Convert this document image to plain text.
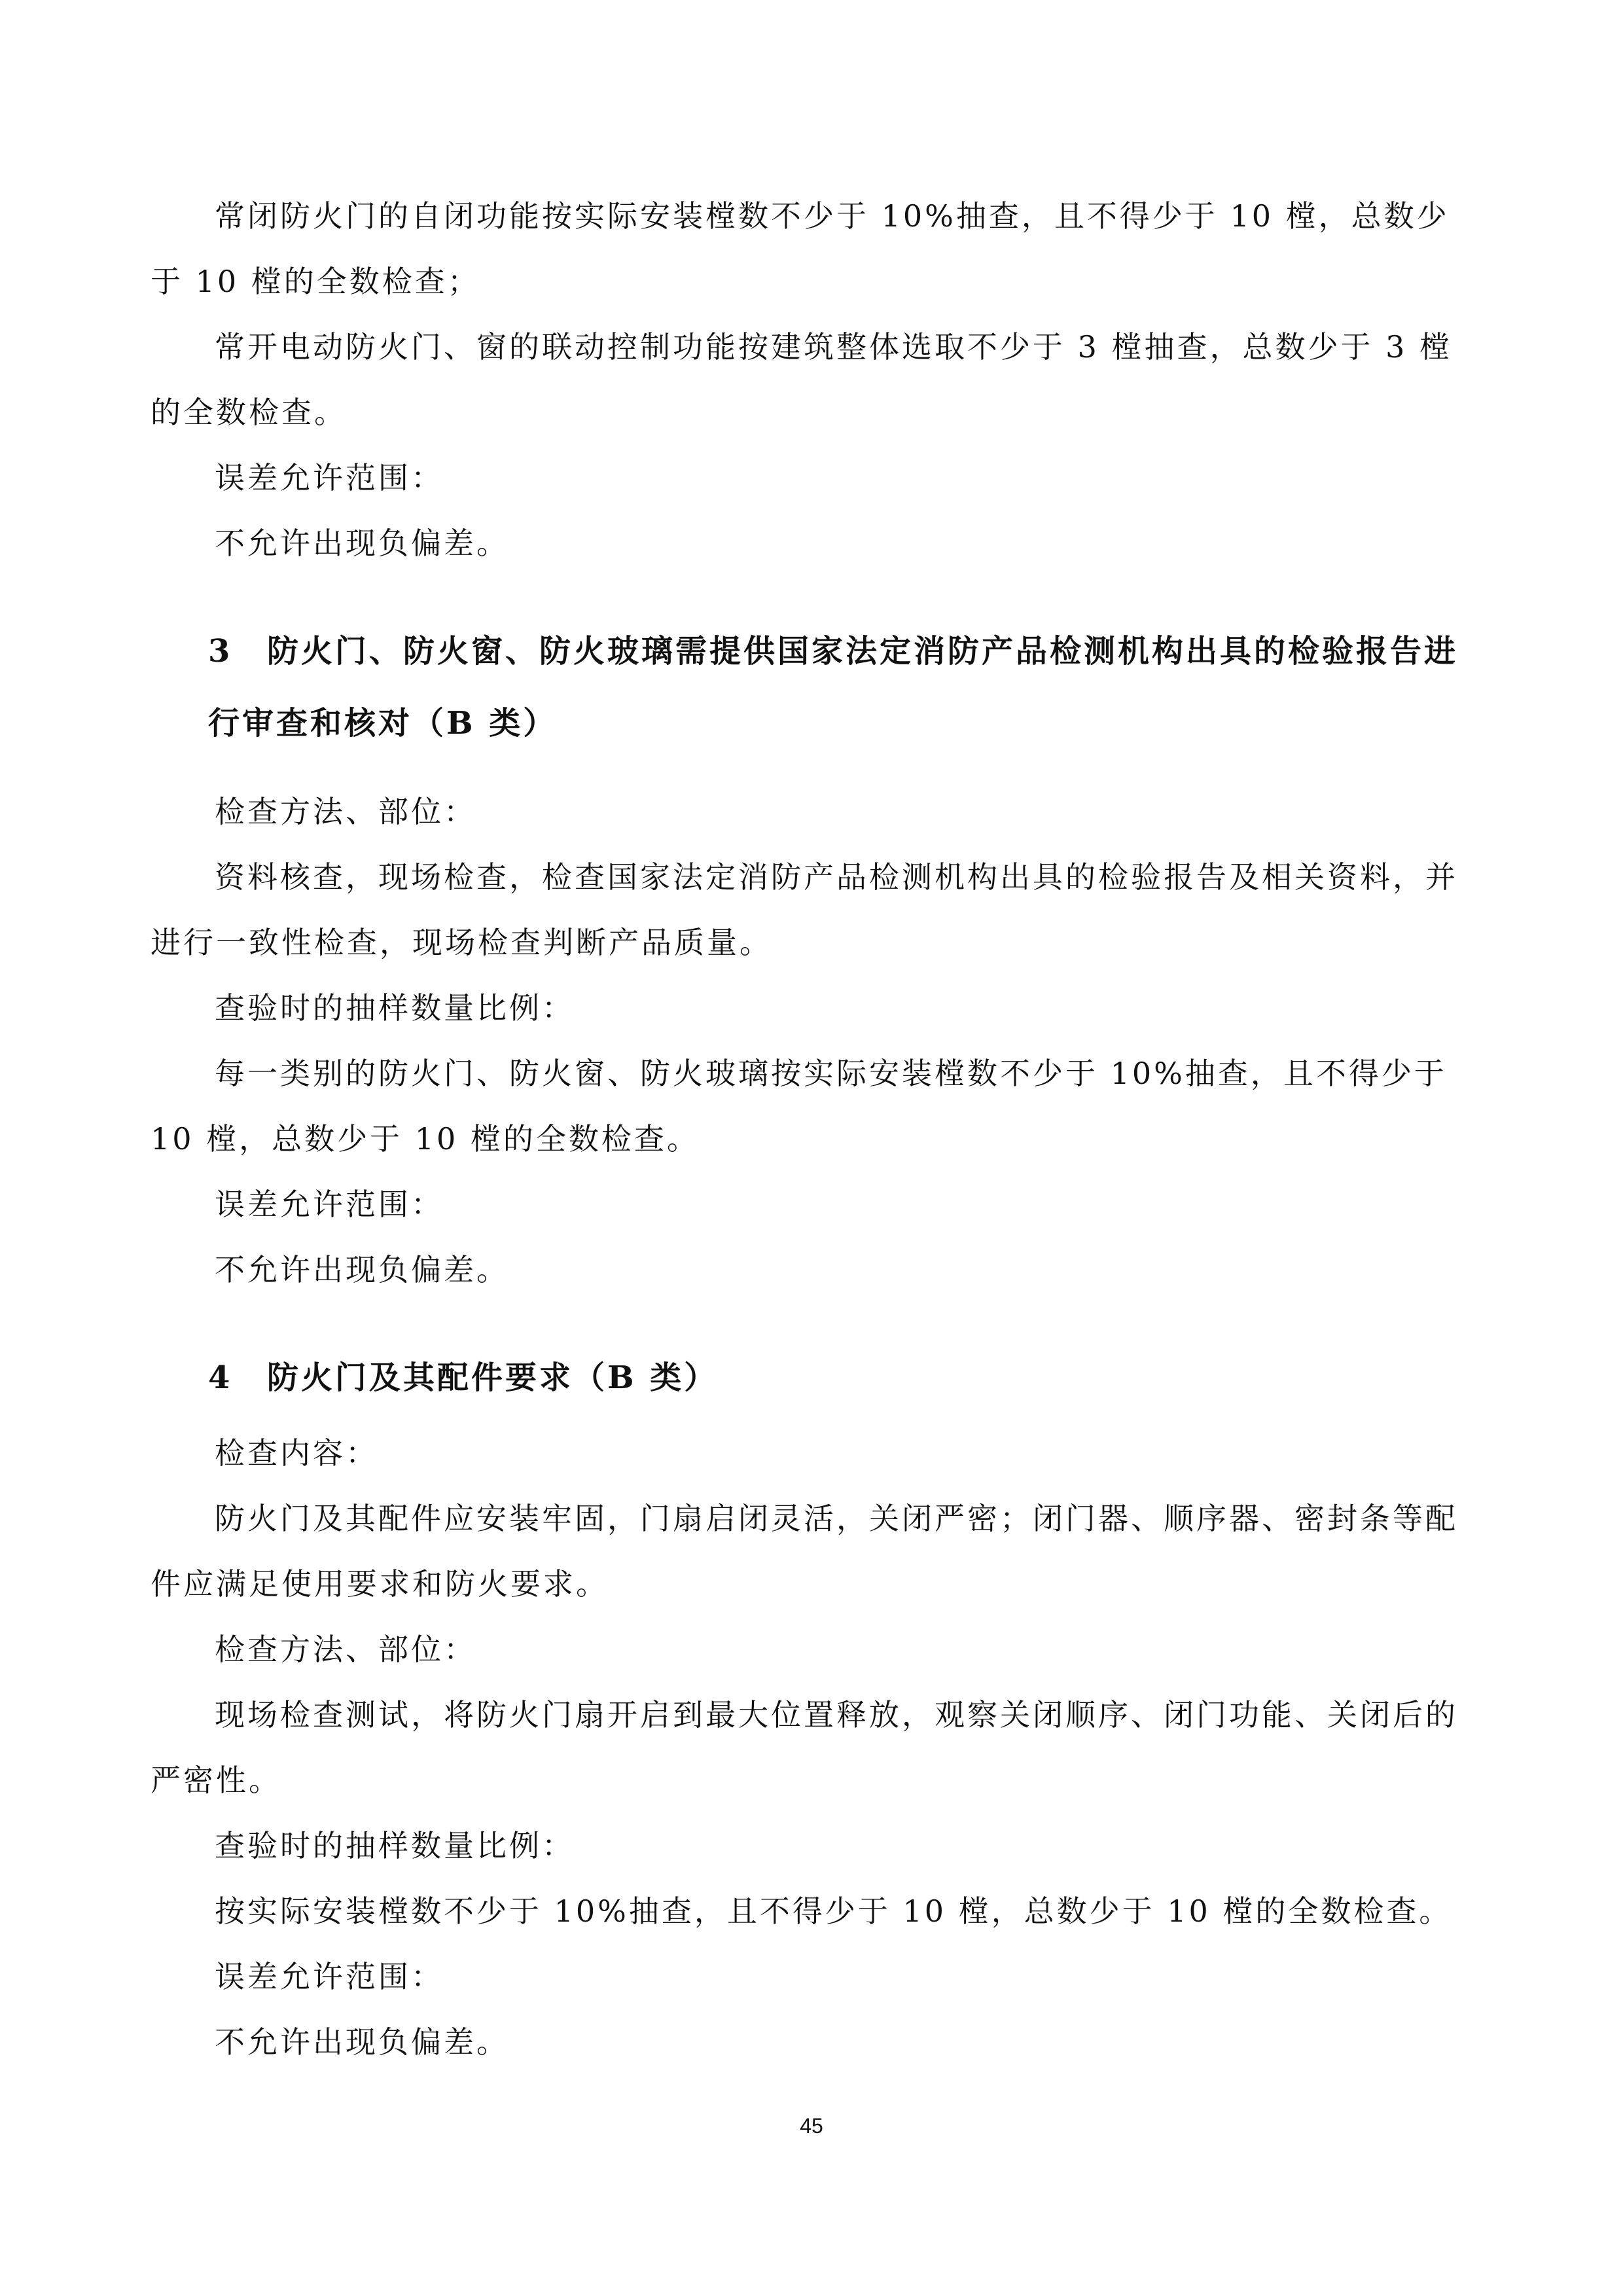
常闭防火门的自闭功能按实际安装樘数不少于 10%抽查，且不得少于 10 樘，总数少于 10 樘的全数检查；

常开电动防火门、窗的联动控制功能按建筑整体选取不少于 3 樘抽查，总数少于 3 樘的全数检查。

误差允许范围：

不允许出现负偏差。

3 防火门、防火窗、防火玻璃需提供国家法定消防产品检测机构出具的检验报告进行审查和核对（B 类）

检查方法、部位：

资料核查，现场检查，检查国家法定消防产品检测机构出具的检验报告及相关资料，并进行一致性检查，现场检查判断产品质量。

查验时的抽样数量比例：

每一类别的防火门、防火窗、防火玻璃按实际安装樘数不少于 10%抽查，且不得少于 10 樘，总数少于 10 樘的全数检查。

误差允许范围：

不允许出现负偏差。

4 防火门及其配件要求（B 类）

检查内容：

防火门及其配件应安装牢固，门扇启闭灵活，关闭严密；闭门器、顺序器、密封条等配件应满足使用要求和防火要求。

检查方法、部位：

现场检查测试，将防火门扇开启到最大位置释放，观察关闭顺序、闭门功能、关闭后的严密性。

查验时的抽样数量比例：

按实际安装樘数不少于 10%抽查，且不得少于 10 樘，总数少于 10 樘的全数检查。

误差允许范围：

不允许出现负偏差。

45
